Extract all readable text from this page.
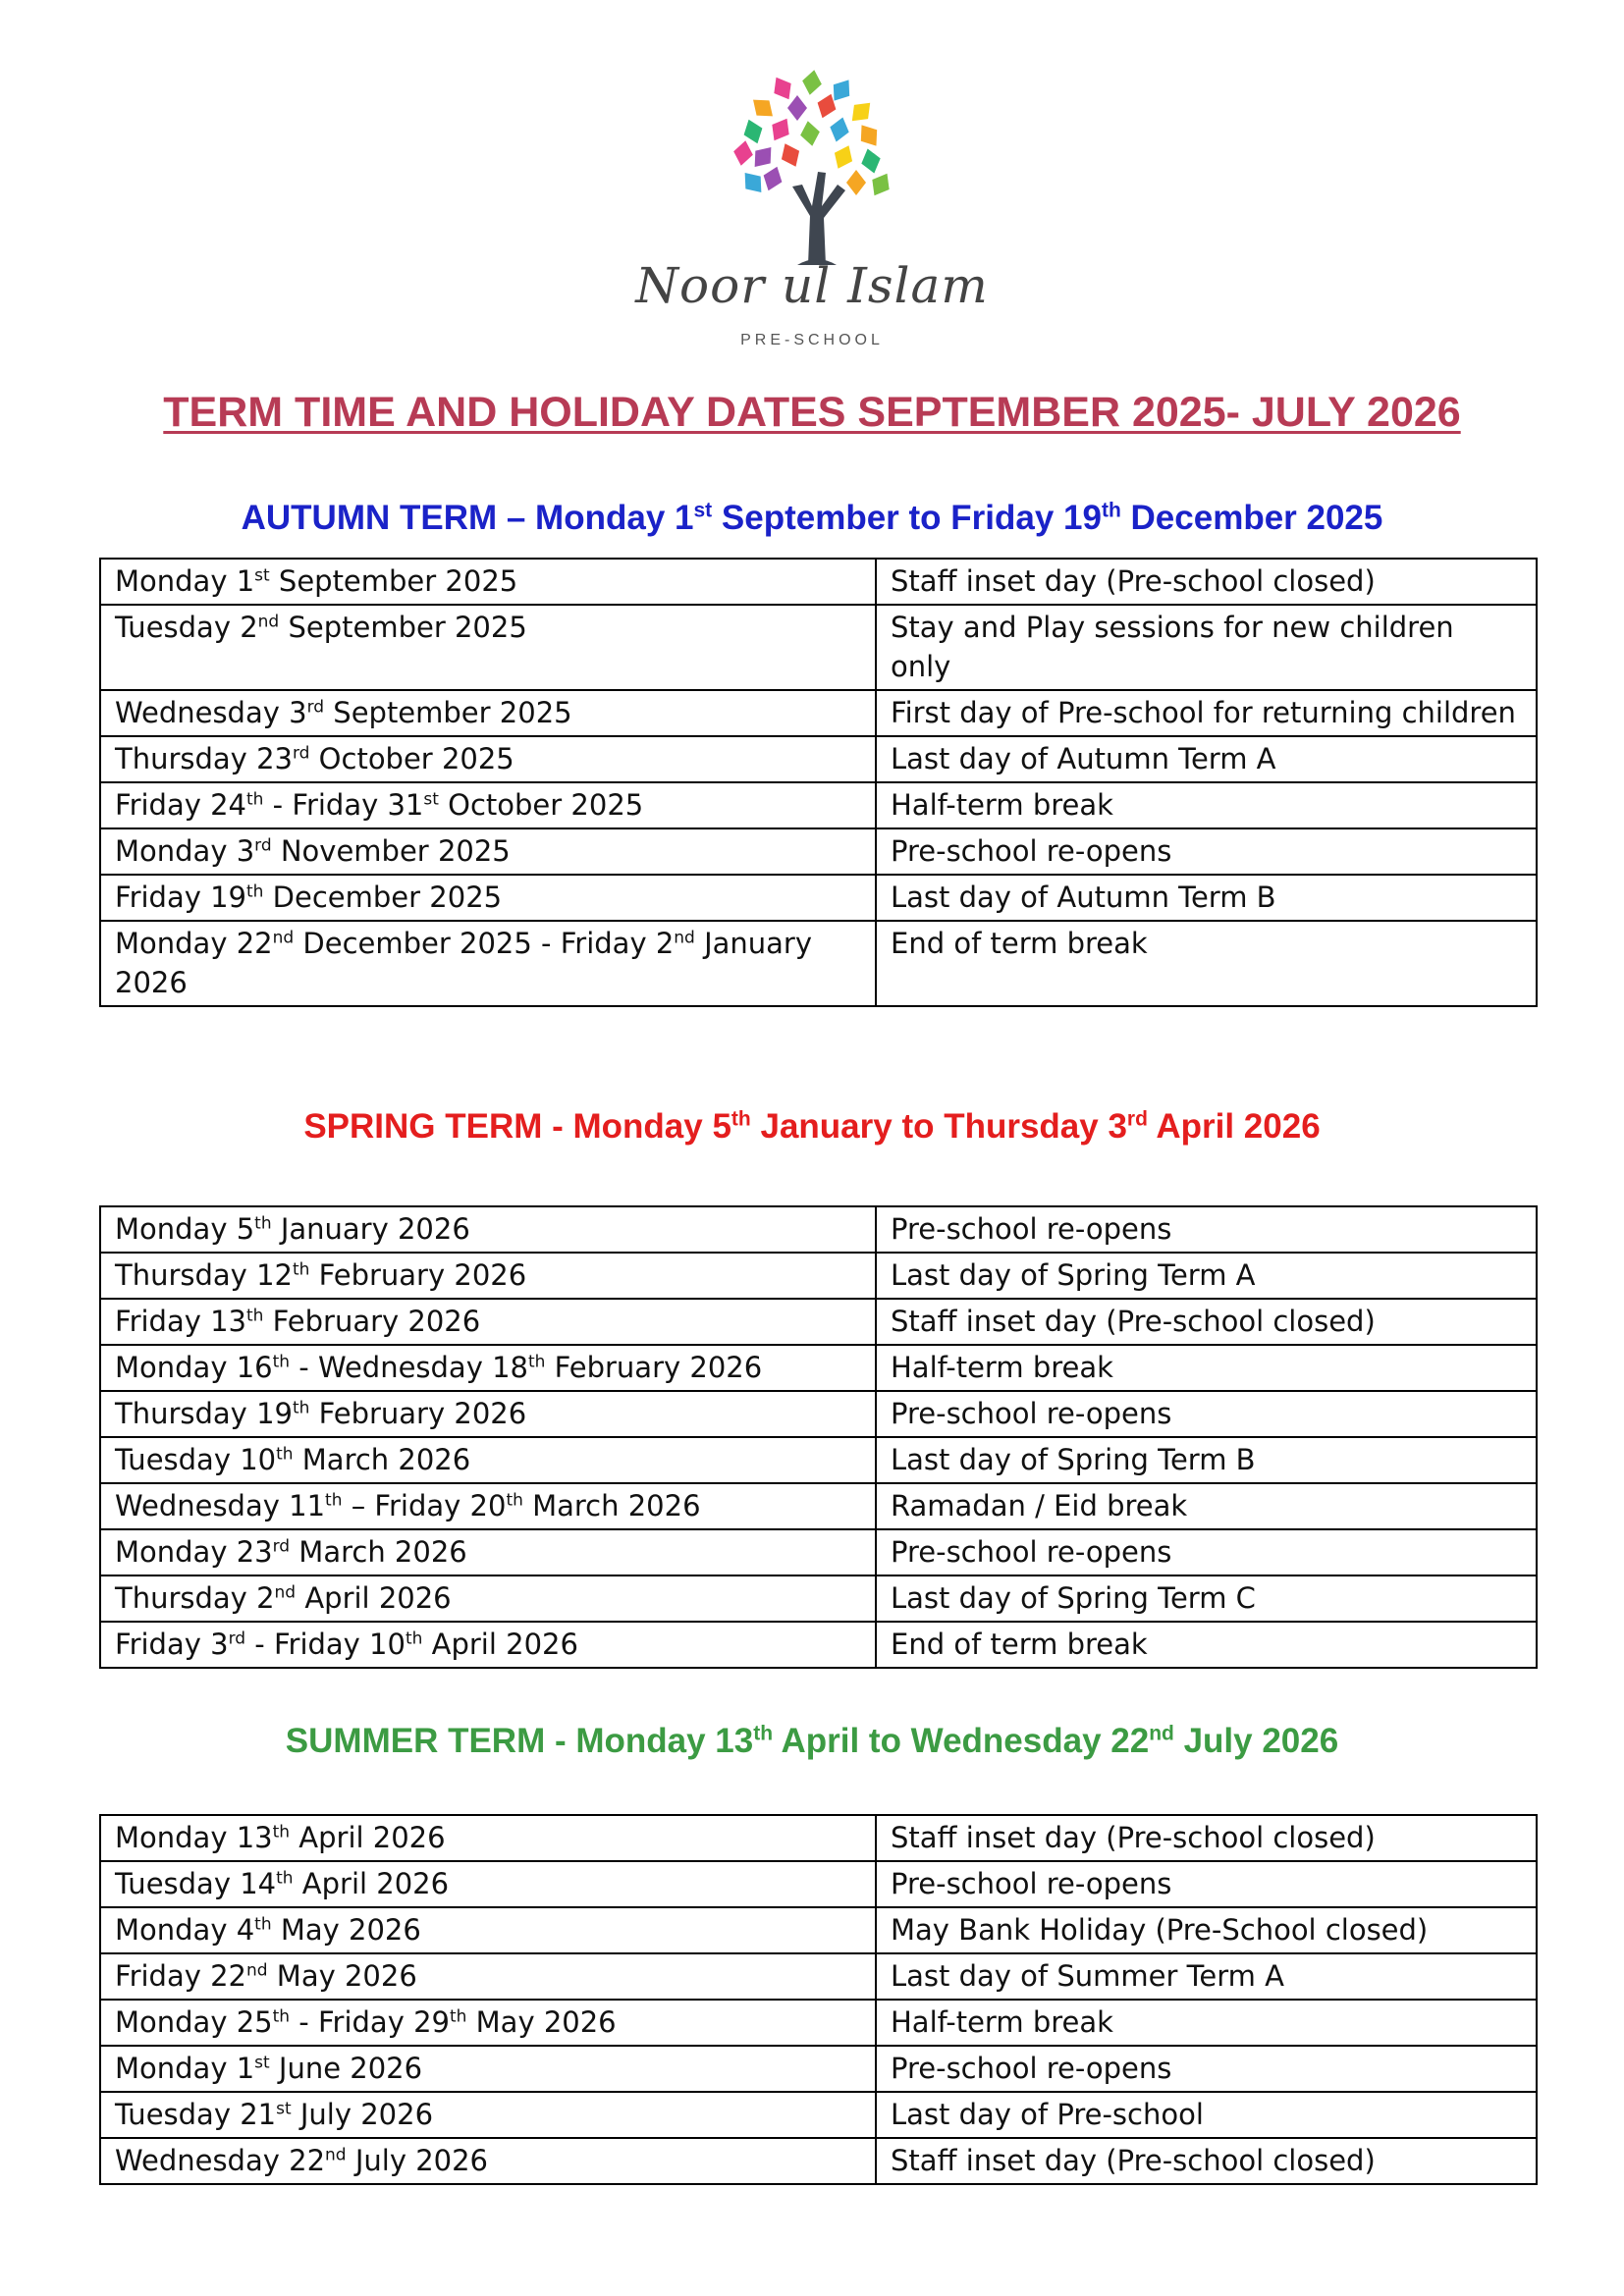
Noor ul Islam
PRE-SCHOOL
TERM TIME AND HOLIDAY DATES SEPTEMBER 2025- JULY 2026
AUTUMN TERM – Monday 1st September to Friday 19th December 2025
Monday 1st September 2025	Staff inset day (Pre-school closed)
Tuesday 2nd September 2025	Stay and Play sessions for new children only
Wednesday 3rd September 2025	First day of Pre-school for returning children
Thursday 23rd October 2025	Last day of Autumn Term A
Friday 24th - Friday 31st October 2025	Half-term break
Monday 3rd November 2025	Pre-school re-opens
Friday 19th December 2025	Last day of Autumn Term B
Monday 22nd December 2025 - Friday 2nd January 2026	End of term break
SPRING TERM - Monday 5th January to Thursday 3rd April 2026
Monday 5th January 2026	Pre-school re-opens
Thursday 12th February 2026	Last day of Spring Term A
Friday 13th February 2026	Staff inset day (Pre-school closed)
Monday 16th - Wednesday 18th February 2026	Half-term break
Thursday 19th February 2026	Pre-school re-opens
Tuesday 10th March 2026	Last day of Spring Term B
Wednesday 11th – Friday 20th March 2026	Ramadan / Eid break
Monday 23rd March 2026	Pre-school re-opens
Thursday 2nd April 2026	Last day of Spring Term C
Friday 3rd - Friday 10th April 2026	End of term break
SUMMER TERM - Monday 13th April to Wednesday 22nd July 2026
Monday 13th April 2026	Staff inset day (Pre-school closed)
Tuesday 14th April 2026	Pre-school re-opens
Monday 4th May 2026	May Bank Holiday (Pre-School closed)
Friday 22nd May 2026	Last day of Summer Term A
Monday 25th - Friday 29th May 2026	Half-term break
Monday 1st June 2026	Pre-school re-opens
Tuesday 21st July 2026	Last day of Pre-school
Wednesday 22nd July 2026	Staff inset day (Pre-school closed)
